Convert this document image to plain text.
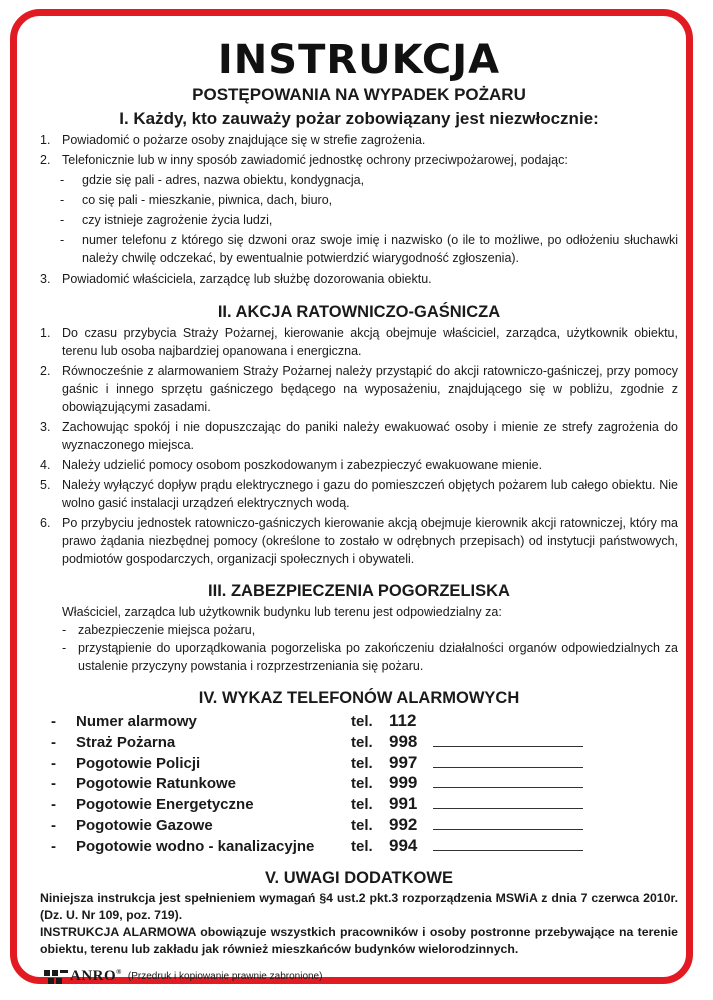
INSTRUKCJA
POSTĘPOWANIA NA WYPADEK POŻARU
I. Każdy, kto zauważy pożar zobowiązany jest niezwłocznie:
1. Powiadomić o pożarze osoby znajdujące się w strefie zagrożenia.
2. Telefonicznie lub w inny sposób zawiadomić jednostkę ochrony przeciwpożarowej, podając:
- gdzie się pali - adres, nazwa obiektu, kondygnacja,
- co się pali - mieszkanie, piwnica, dach, biuro,
- czy istnieje zagrożenie życia ludzi,
- numer telefonu z którego się dzwoni oraz swoje imię i nazwisko (o ile to możliwe, po odłożeniu słuchawki należy chwilę odczekać, by ewentualnie potwierdzić wiarygodność zgłoszenia).
3. Powiadomić właściciela, zarządcę lub służbę dozorowania obiektu.
II. AKCJA RATOWNICZO-GAŚNICZA
1. Do czasu przybycia Straży Pożarnej, kierowanie akcją obejmuje właściciel, zarządca, użytkownik obiektu, terenu lub osoba najbardziej opanowana i energiczna.
2. Równocześnie z alarmowaniem Straży Pożarnej należy przystąpić do akcji ratowniczo-gaśniczej, przy pomocy gaśnic i innego sprzętu gaśniczego będącego na wyposażeniu, znajdującego się w pobliżu, zgodnie z obowiązującymi zasadami.
3. Zachowując spokój i nie dopuszczając do paniki należy ewakuować osoby i mienie ze strefy zagrożenia do wyznaczonego miejsca.
4. Należy udzielić pomocy osobom poszkodowanym i zabezpieczyć ewakuowane mienie.
5. Należy wyłączyć dopływ prądu elektrycznego i gazu do pomieszczeń objętych pożarem lub całego obiektu. Nie wolno gasić instalacji urządzeń elektrycznych wodą.
6. Po przybyciu jednostek ratowniczo-gaśniczych kierowanie akcją obejmuje kierownik akcji ratowniczej, który ma prawo żądania niezbędnej pomocy (określone to zostało w odrębnych przepisach) od instytucji państwowych, podmiotów gospodarczych, organizacji społecznych i obywateli.
III. ZABEZPIECZENIA POGORZELISKA
Właściciel, zarządca lub użytkownik budynku lub terenu jest odpowiedzialny za:
- zabezpieczenie miejsca pożaru,
- przystąpienie do uporządkowania pogorzeliska po zakończeniu działalności organów odpowiedzialnych za ustalenie przyczyny powstania i rozprzestrzeniania się pożaru.
IV. WYKAZ TELEFONÓW ALARMOWYCH
-	Numer alarmowy	tel. 112
-	Straż Pożarna	tel. 998
-	Pogotowie Policji	tel. 997
-	Pogotowie Ratunkowe	tel. 999
-	Pogotowie Energetyczne	tel. 991
-	Pogotowie Gazowe	tel. 992
-	Pogotowie wodno - kanalizacyjne	tel. 994
V. UWAGI DODATKOWE
Niniejsza instrukcja jest spełnieniem wymagań §4 ust.2 pkt.3 rozporządzenia MSWiA z dnia 7 czerwca 2010r. (Dz. U. Nr 109, poz. 719).
INSTRUKCJA ALARMOWA obowiązuje wszystkich pracowników i osoby postronne przebywające na terenie obiektu, terenu lub zakładu jak również mieszkańców budynków wielorodzinnych.
ANRO® (Przedruk i kopiowanie prawnie zabronione)
